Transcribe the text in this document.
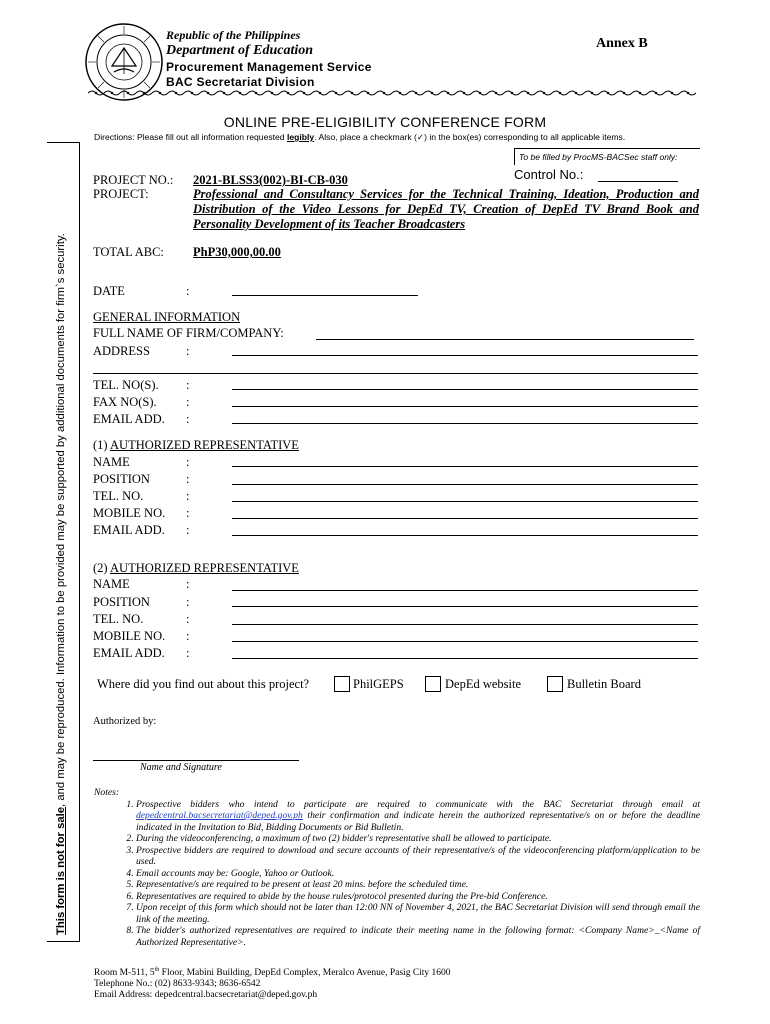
This form is not for sale, and may be reproduced. Information to be provided may be supported by additional documents for firm`s security.
Republic of the Philippines
Department of Education
Procurement Management Service
BAC Secretariat Division
Annex B
ONLINE PRE-ELIGIBILITY CONFERENCE FORM
Directions: Please fill out all information requested legibly. Also, place a checkmark (✓) in the box(es) corresponding to all applicable items.
To be filled by ProcMS-BACSec staff only:
Control No.:
PROJECT NO.: 2021-BLSS3(002)-BI-CB-030
PROJECT:	Professional and Consultancy Services for the Technical Training, Ideation, Production and Distribution of the Video Lessons for DepEd TV, Creation of DepEd TV Brand Book and Personality Development of its Teacher Broadcasters
TOTAL ABC: PhP30,000,00.00
DATE	:
GENERAL INFORMATION
FULL NAME OF FIRM/COMPANY:
ADDRESS	:
TEL. NO(S). :
FAX NO(S). :
EMAIL ADD. :
(1) AUTHORIZED REPRESENTATIVE
NAME	:
POSITION	:
TEL. NO.	:
MOBILE NO. :
EMAIL ADD. :
(2) AUTHORIZED REPRESENTATIVE
NAME	:
POSITION	:
TEL. NO.	:
MOBILE NO. :
EMAIL ADD. :
Where did you find out about this project?	PhilGEPS	DepEd website	Bulletin Board
Authorized by:
Name and Signature
Notes:
1. Prospective bidders who intend to participate are required to communicate with the BAC Secretariat through email at depedcentral.bacsecretariat@deped.gov.ph their confirmation and indicate herein the authorized representative/s on or before the deadline indicated in the Invitation to Bid, Bidding Documents or Bid Bulletin.
2. During the videoconferencing, a maximum of two (2) bidder's representative shall be allowed to participate.
3. Prospective bidders are required to download and secure accounts of their representative/s of the videoconferencing platform/application to be used.
4. Email accounts may be: Google, Yahoo or Outlook.
5. Representative/s are required to be present at least 20 mins. before the scheduled time.
6. Representatives are required to abide by the house rules/protocol presented during the Pre-bid Conference.
7. Upon receipt of this form which should not be later than 12:00 NN of November 4, 2021, the BAC Secretariat Division will send through email the link of the meeting.
8. The bidder's authorized representatives are required to indicate their meeting name in the following format: <Company Name>_<Name of Authorized Representative>.
Room M-511, 5th Floor, Mabini Building, DepEd Complex, Meralco Avenue, Pasig City 1600
Telephone No.: (02) 8633-9343; 8636-6542
Email Address: depedcentral.bacsecretariat@deped.gov.ph
